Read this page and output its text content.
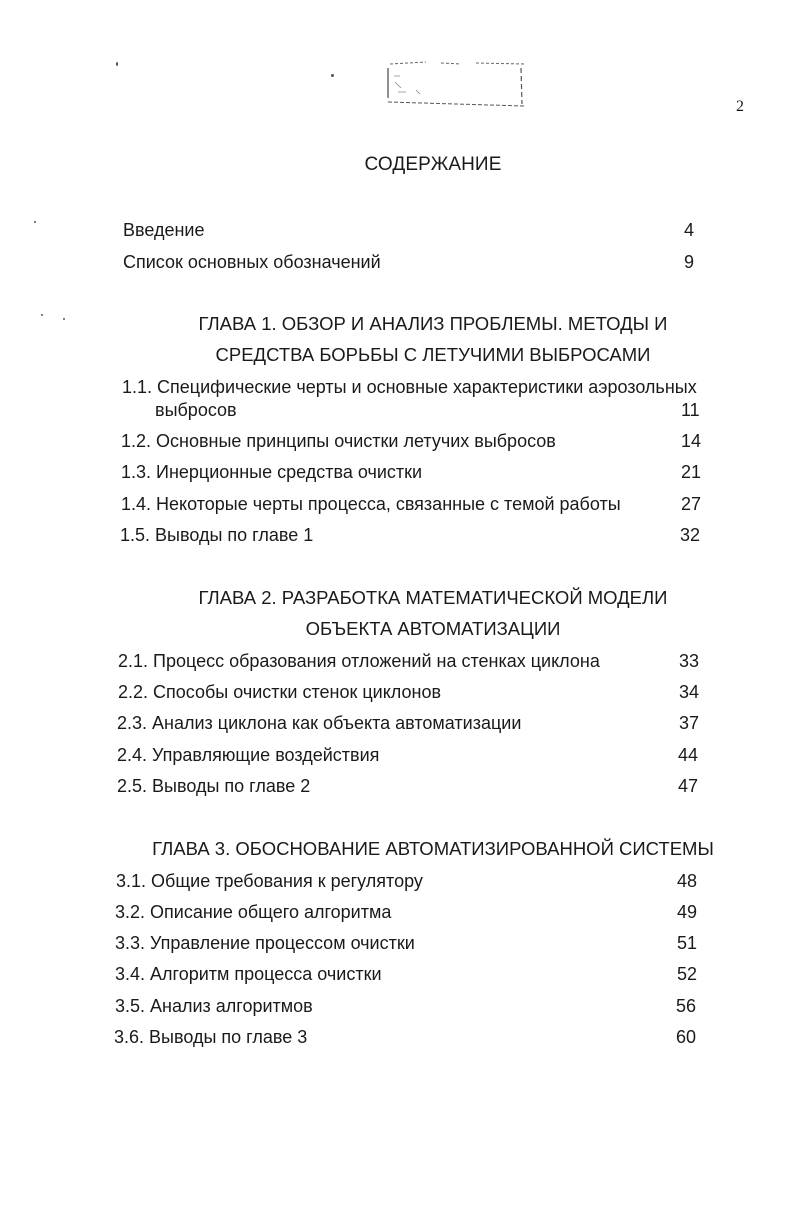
2
СОДЕРЖАНИЕ
Введение	4
Список основных обозначений	9
ГЛАВА 1. ОБЗОР И АНАЛИЗ ПРОБЛЕМЫ. МЕТОДЫ И
СРЕДСТВА БОРЬБЫ С ЛЕТУЧИМИ ВЫБРОСАМИ
1.1. Специфические черты и основные характеристики аэрозольных
выбросов	11
1.2. Основные принципы очистки летучих выбросов	14
1.3. Инерционные средства очистки	21
1.4. Некоторые черты процесса, связанные с темой работы	27
1.5. Выводы по главе 1	32
ГЛАВА 2. РАЗРАБОТКА МАТЕМАТИЧЕСКОЙ МОДЕЛИ
ОБЪЕКТА АВТОМАТИЗАЦИИ
2.1. Процесс образования отложений на стенках циклона	33
2.2. Способы очистки стенок циклонов	34
2.3. Анализ циклона как объекта автоматизации	37
2.4. Управляющие воздействия	44
2.5. Выводы по главе 2	47
ГЛАВА 3. ОБОСНОВАНИЕ АВТОМАТИЗИРОВАННОЙ СИСТЕМЫ
3.1. Общие требования к регулятору	48
3.2. Описание общего алгоритма	49
3.3. Управление процессом очистки	51
3.4. Алгоритм процесса очистки	52
3.5. Анализ алгоритмов	56
3.6. Выводы по главе 3	60
